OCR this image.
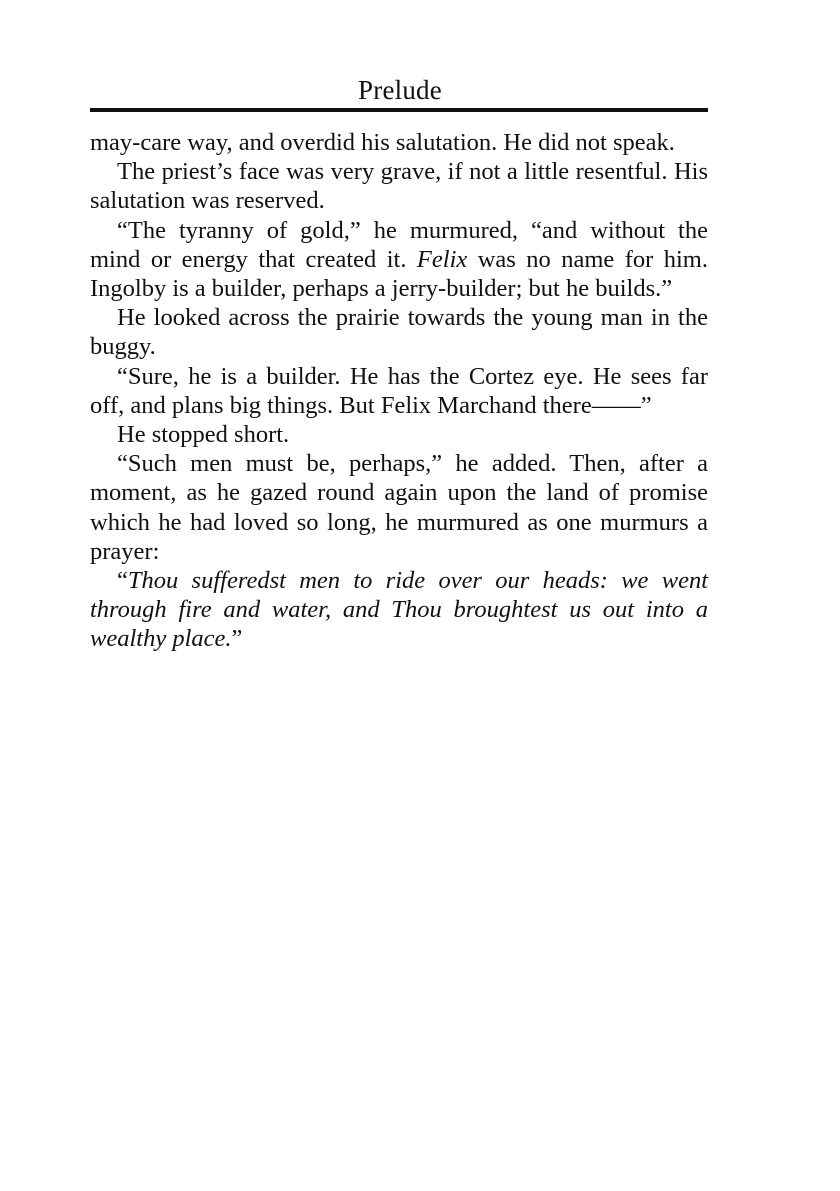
Prelude

may-care way, and overdid his salutation. He did not speak.

The priest’s face was very grave, if not a little resentful. His salutation was reserved.

“The tyranny of gold,” he murmured, “and without the mind or energy that created it. Felix was no name for him. Ingolby is a builder, perhaps a jerry-builder; but he builds.”

He looked across the prairie towards the young man in the buggy.

“Sure, he is a builder. He has the Cortez eye. He sees far off, and plans big things. But Felix Marchand there——”

He stopped short.

“Such men must be, perhaps,” he added. Then, after a moment, as he gazed round again upon the land of promise which he had loved so long, he murmured as one murmurs a prayer:

“Thou sufferedst men to ride over our heads: we went through fire and water, and Thou broughtest us out into a wealthy place.”
